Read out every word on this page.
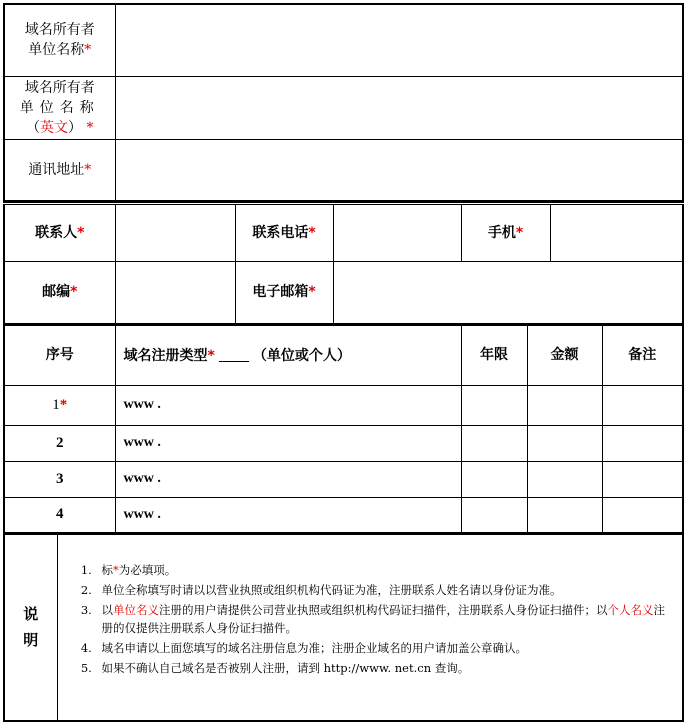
域名所有者
单位名称*	

域名所有者
单位名称
（英文） *	

通讯地址*	
联系人*		联系电话*		手机*	
邮编*		电子邮箱*			
序号	域名注册类型* （单位或个人）	年限	金额	备注
1*	www .			
2	www .			
3	www .			
4	www .			
说
明

1. 标*为必填项。
2. 单位全称填写时请以以营业执照或组织机构代码证为准，注册联系人姓名请以身份证为准。
3. 以单位名义注册的用户请提供公司营业执照或组织机构代码证扫描件，注册联系人身份证扫描件；以个人名义注册的仅提供注册联系人身份证扫描件。
4. 域名申请以上面您填写的域名注册信息为准；注册企业域名的用户请加盖公章确认。
5. 如果不确认自己域名是否被别人注册，请到 http://www. net.cn 查询。
